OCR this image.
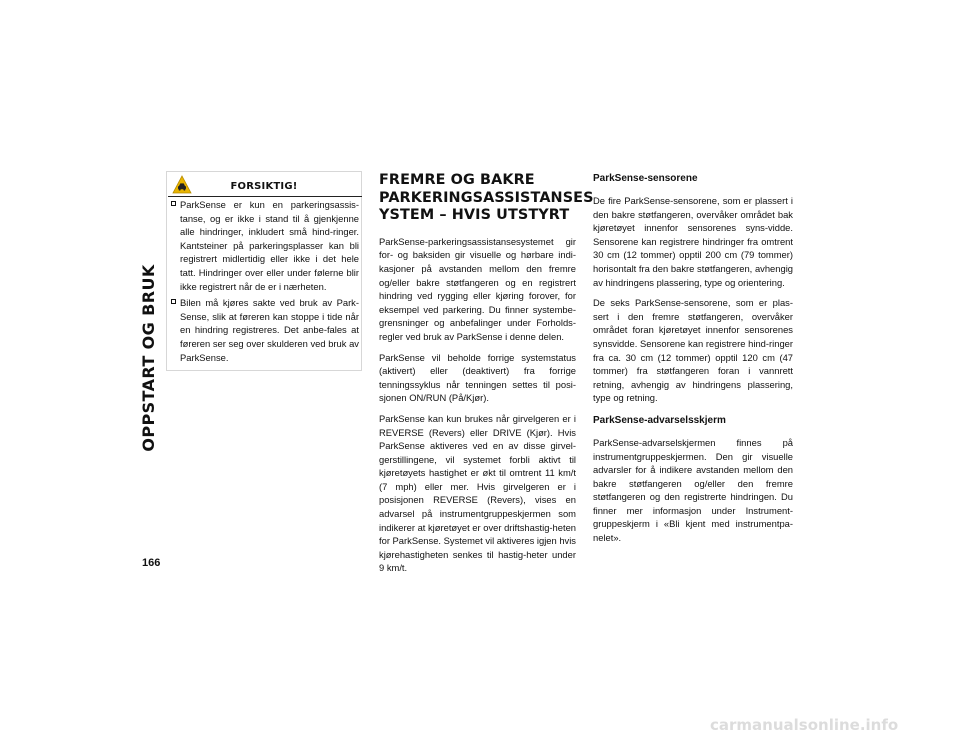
OPPSTART OG BRUK
166
FORSIKTIG!
ParkSense er kun en parkeringsassis-tanse, og er ikke i stand til å gjenkjenne alle hindringer, inkludert små hind-ringer. Kantsteiner på parkeringsplasser kan bli registrert midlertidig eller ikke i det hele tatt. Hindringer over eller under følerne blir ikke registrert når de er i nærheten.
Bilen må kjøres sakte ved bruk av Park-Sense, slik at føreren kan stoppe i tide når en hindring registreres. Det anbe-fales at føreren ser seg over skulderen ved bruk av ParkSense.
FREMRE OG BAKRE PARKERINGSASSISTANSES YSTEM – HVIS UTSTYRT

ParkSense-parkeringsassistansesystemet gir for- og baksiden gir visuelle og hørbare indi-kasjoner på avstanden mellom den fremre og/eller bakre støtfangeren og en registrert hindring ved rygging eller kjøring forover, for eksempel ved parkering. Du finner systembe-grensninger og anbefalinger under Forholds-regler ved bruk av ParkSense i denne delen.

ParkSense vil beholde forrige systemstatus (aktivert) eller (deaktivert) fra forrige tenningssyklus når tenningen settes til posi-sjonen ON/RUN (På/Kjør).

ParkSense kan kun brukes når girvelgeren er i REVERSE (Revers) eller DRIVE (Kjør). Hvis ParkSense aktiveres ved en av disse girvel-gerstillingene, vil systemet forbli aktivt til kjøretøyets hastighet er økt til omtrent 11 km/t (7 mph) eller mer. Hvis girvelgeren er i posisjonen REVERSE (Revers), vises en advarsel på instrumentgruppeskjermen som indikerer at kjøretøyet er over driftshastig-heten for ParkSense. Systemet vil aktiveres igjen hvis kjørehastigheten senkes til hastig-heter under 9 km/t.

ParkSense-sensorene

De fire ParkSense-sensorene, som er plassert i den bakre støtfangeren, overvåker området bak kjøretøyet innenfor sensorenes syns-vidde. Sensorene kan registrere hindringer fra omtrent 30 cm (12 tommer) opptil 200 cm (79 tommer) horisontalt fra den bakre støtfangeren, avhengig av hindringens plassering, type og orientering.

De seks ParkSense-sensorene, som er plas-sert i den fremre støtfangeren, overvåker området foran kjøretøyet innenfor sensorenes synsvidde. Sensorene kan registrere hind-ringer fra ca. 30 cm (12 tommer) opptil 120 cm (47 tommer) fra støtfangeren foran i vannrett retning, avhengig av hindringens plassering, type og retning.

ParkSense-advarselsskjerm

ParkSense-advarselskjermen finnes på instrumentgruppeskjermen. Den gir visuelle advarsler for å indikere avstanden mellom den bakre støtfangeren og/eller den fremre støtfangeren og den registrerte hindringen. Du finner mer informasjon under Instrument-gruppeskjerm i «Bli kjent med instrumentpa-nelet».

carmanualsonline.info
